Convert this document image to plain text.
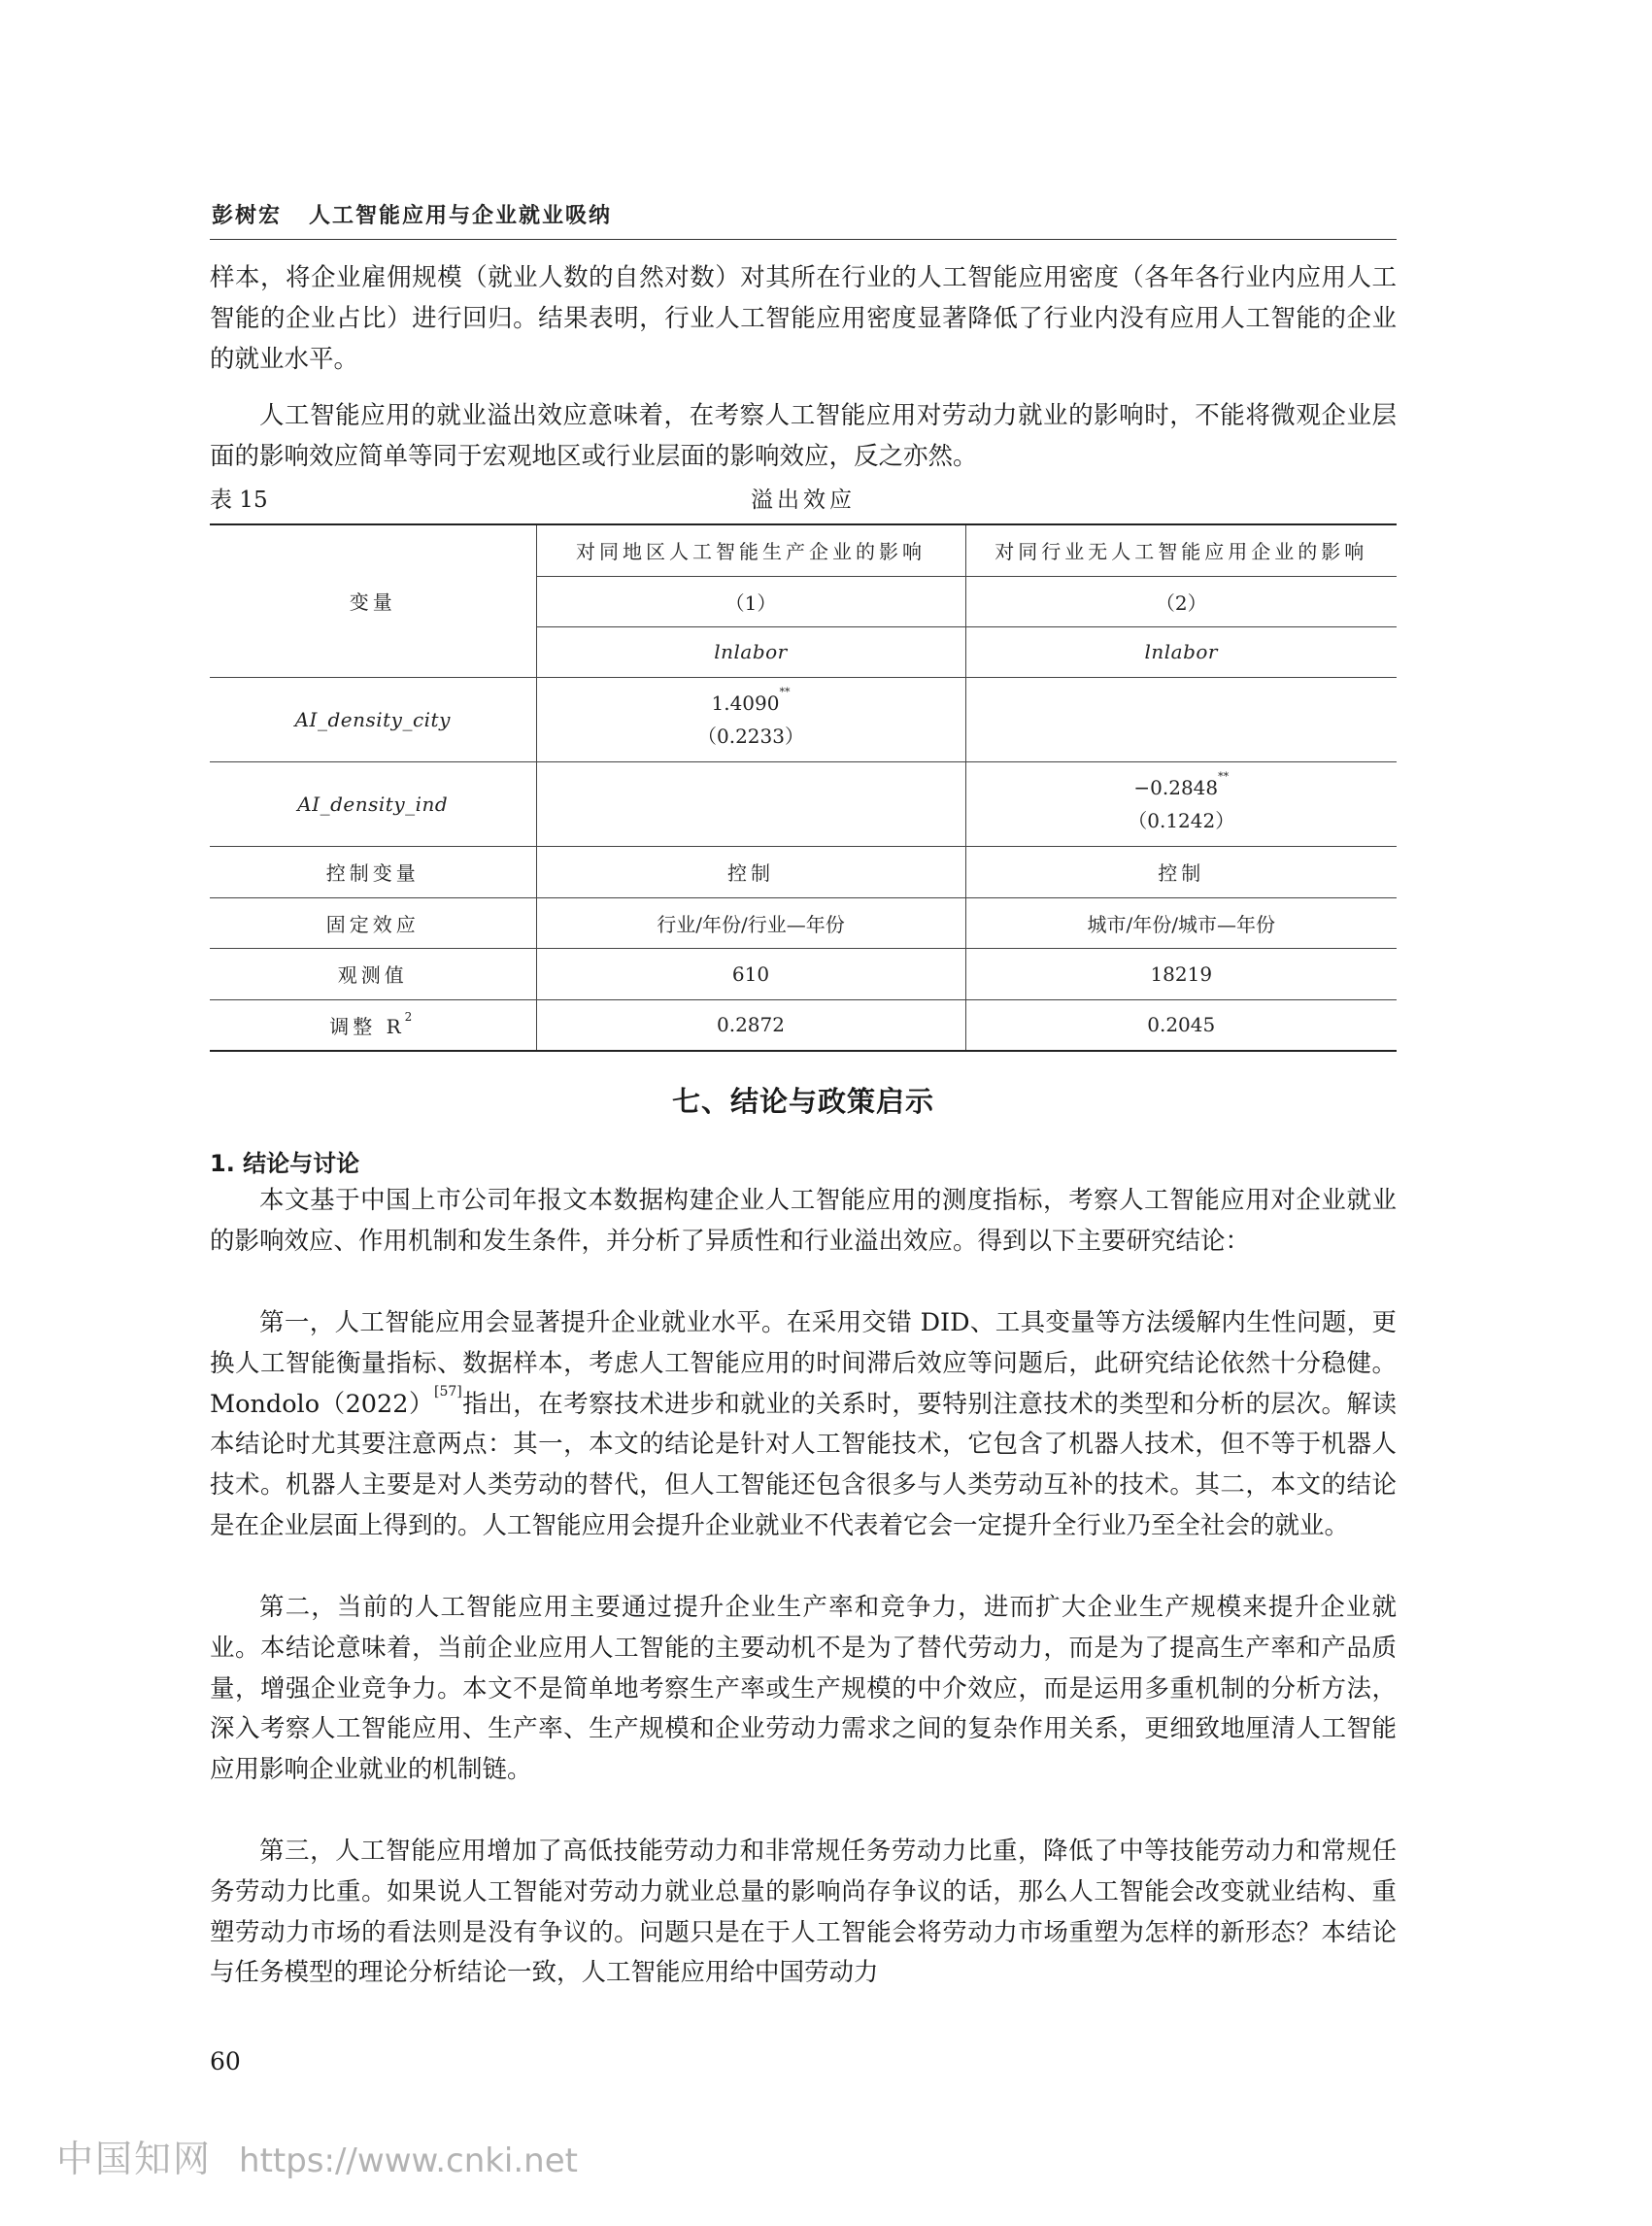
彭树宏 人工智能应用与企业就业吸纳

样本，将企业雇佣规模（就业人数的自然对数）对其所在行业的人工智能应用密度（各年各行业内应用人工智能的企业占比）进行回归。结果表明，行业人工智能应用密度显著降低了行业内没有应用人工智能的企业的就业水平。

人工智能应用的就业溢出效应意味着，在考察人工智能应用对劳动力就业的影响时，不能将微观企业层面的影响效应简单等同于宏观地区或行业层面的影响效应，反之亦然。

表 15	溢出效应
变量	对同地区人工智能生产企业的影响	对同行业无人工智能应用企业的影响
	（1）	（2）
	lnlabor	lnlabor
AI_density_city	1.4090**
（0.2233）	

AI_density_ind		−0.2848**
（0.1242）

控制变量	控制	控制
固定效应	行业/年份/行业—年份	城市/年份/城市—年份
观测值	610	18219
调整 $R^2$	0.2872	0.2045
七、结论与政策启示
1. 结论与讨论

本文基于中国上市公司年报文本数据构建企业人工智能应用的测度指标，考察人工智能应用对企业就业的影响效应、作用机制和发生条件，并分析了异质性和行业溢出效应。得到以下主要研究结论：

第一，人工智能应用会显著提升企业就业水平。在采用交错 DID、工具变量等方法缓解内生性问题，更换人工智能衡量指标、数据样本，考虑人工智能应用的时间滞后效应等问题后，此研究结论依然十分稳健。Mondolo（2022）[57]指出，在考察技术进步和就业的关系时，要特别注意技术的类型和分析的层次。解读本结论时尤其要注意两点：其一，本文的结论是针对人工智能技术，它包含了机器人技术，但不等于机器人技术。机器人主要是对人类劳动的替代，但人工智能还包含很多与人类劳动互补的技术。其二，本文的结论是在企业层面上得到的。人工智能应用会提升企业就业不代表着它会一定提升全行业乃至全社会的就业。

第二，当前的人工智能应用主要通过提升企业生产率和竞争力，进而扩大企业生产规模来提升企业就业。本结论意味着，当前企业应用人工智能的主要动机不是为了替代劳动力，而是为了提高生产率和产品质量，增强企业竞争力。本文不是简单地考察生产率或生产规模的中介效应，而是运用多重机制的分析方法，深入考察人工智能应用、生产率、生产规模和企业劳动力需求之间的复杂作用关系，更细致地厘清人工智能应用影响企业就业的机制链。

第三，人工智能应用增加了高低技能劳动力和非常规任务劳动力比重，降低了中等技能劳动力和常规任务劳动力比重。如果说人工智能对劳动力就业总量的影响尚存争议的话，那么人工智能会改变就业结构、重塑劳动力市场的看法则是没有争议的。问题只是在于人工智能会将劳动力市场重塑为怎样的新形态？本结论与任务模型的理论分析结论一致，人工智能应用给中国劳动力

60
中国知网 https://www.cnki.net
